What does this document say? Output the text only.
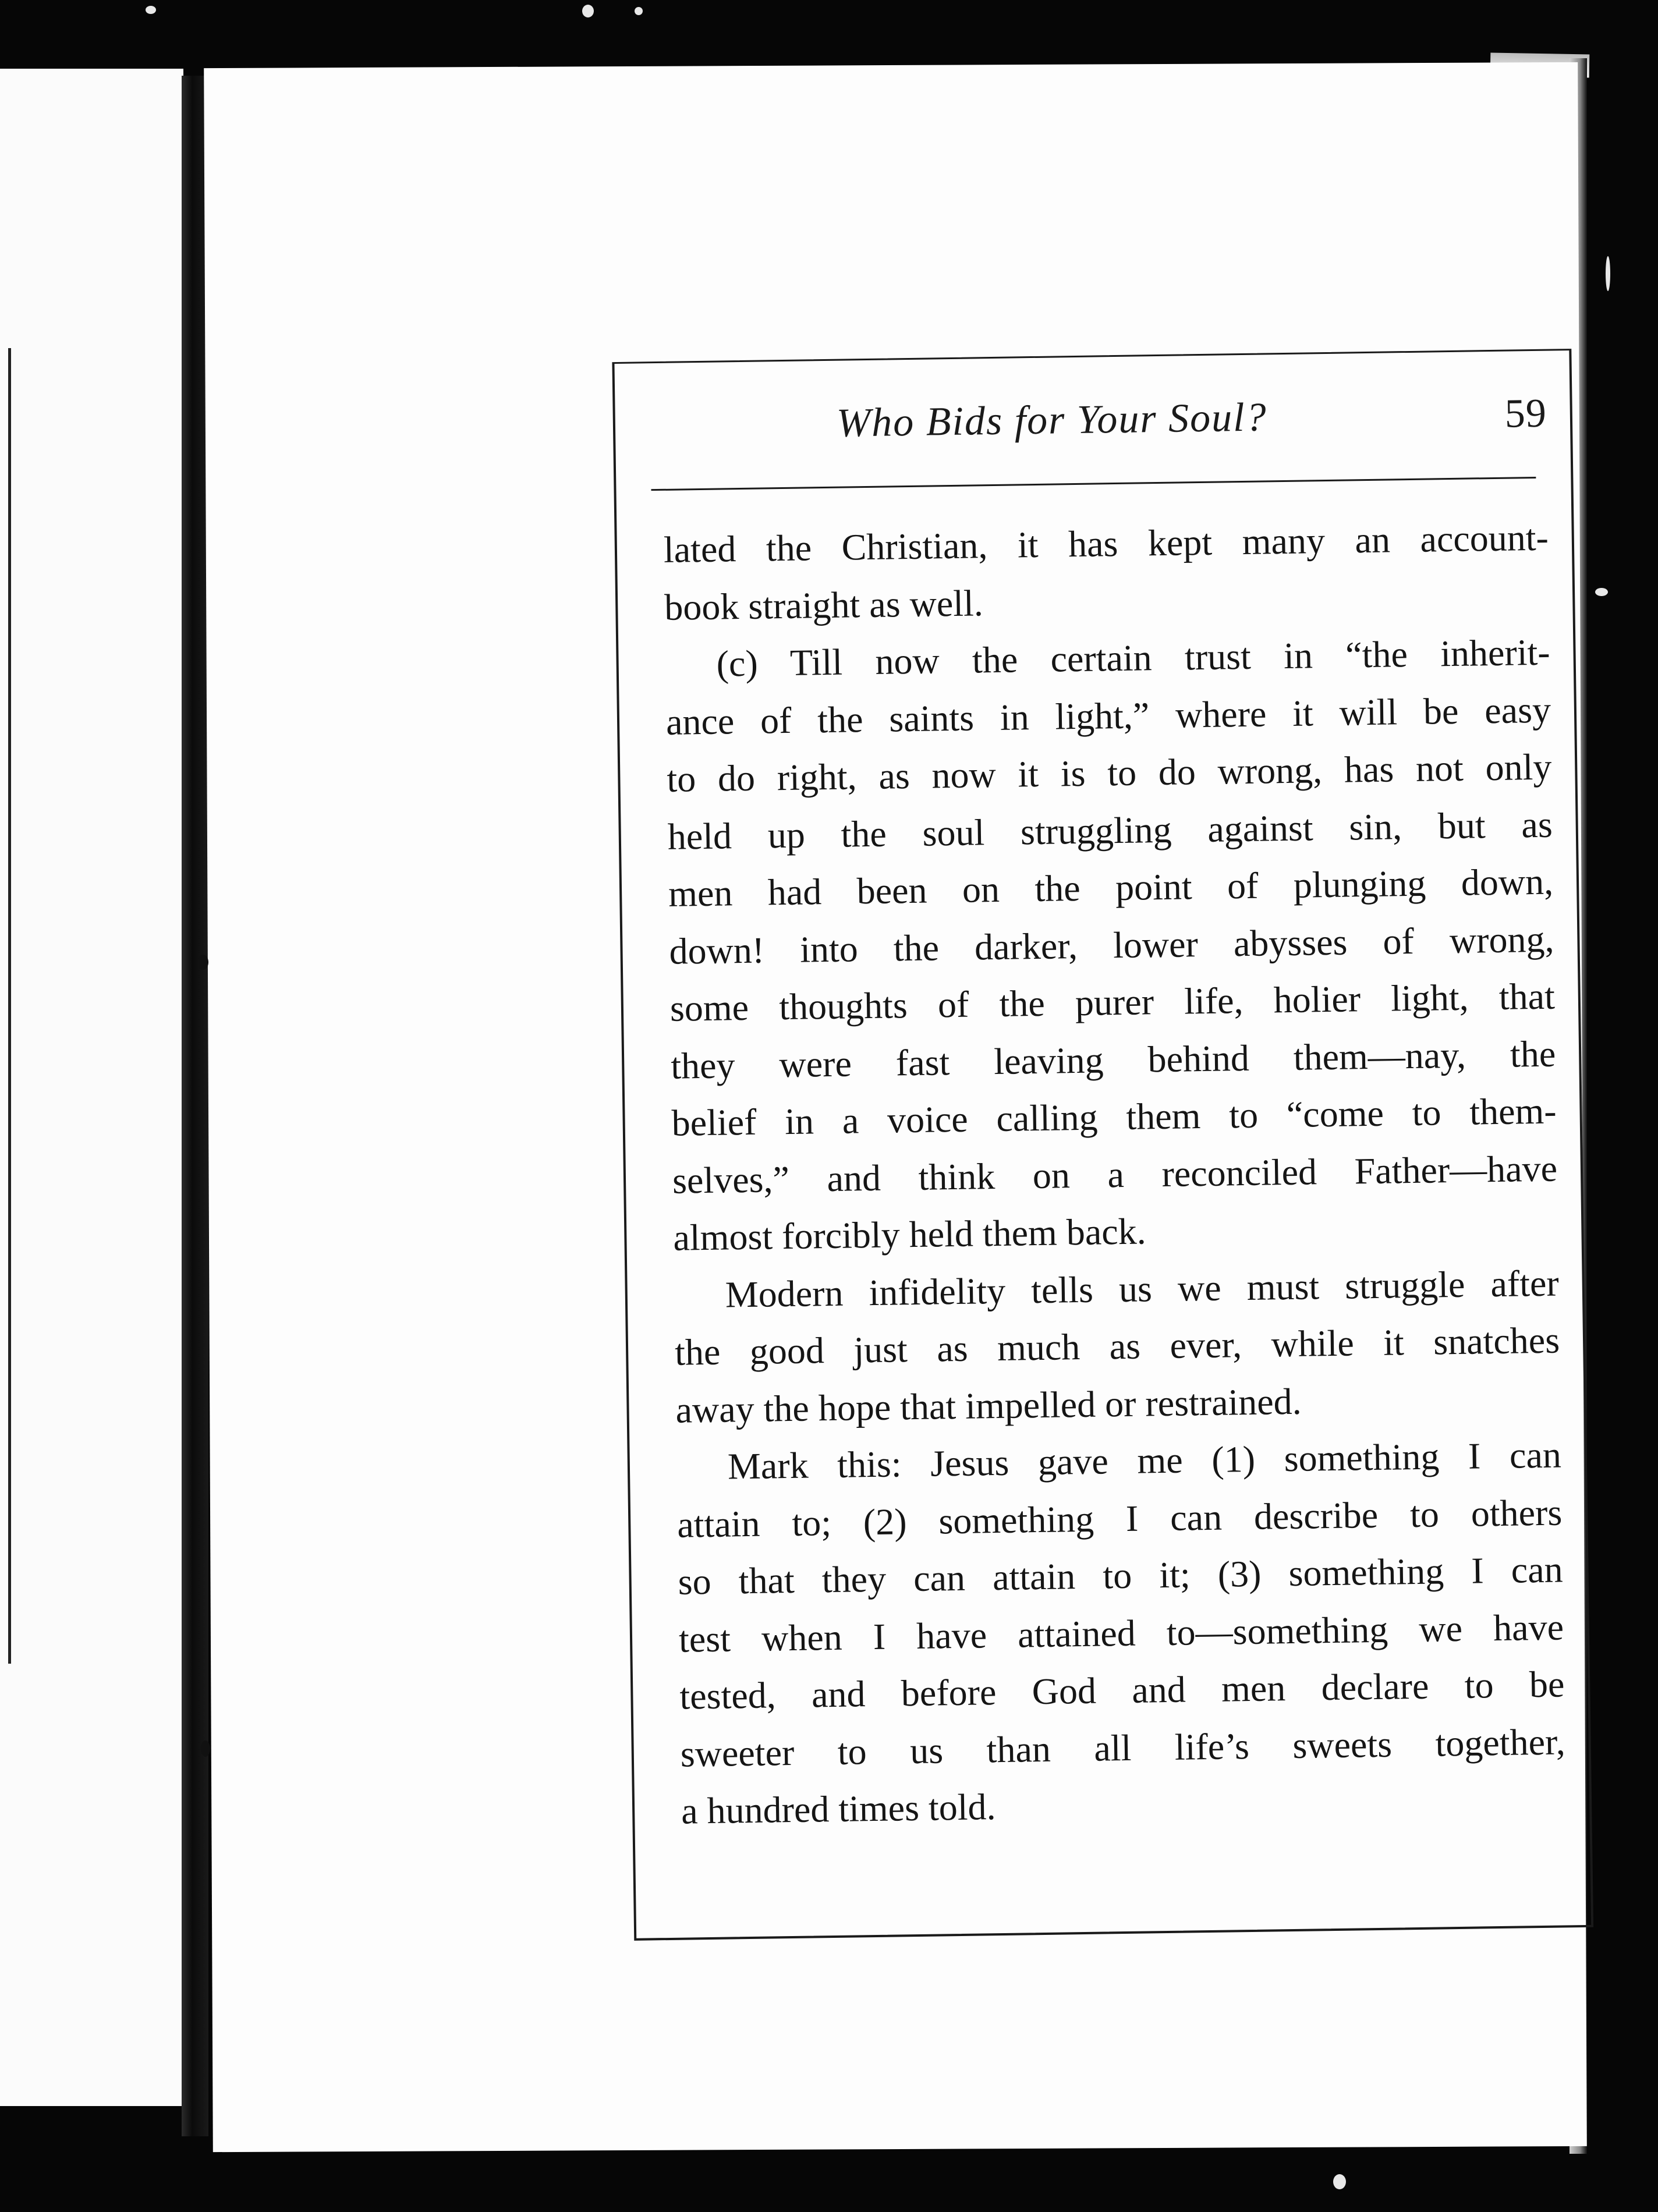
Who Bids for Your Soul?	59
lated the Christian, it has kept many an account-
book straight as well.
(c) Till now the certain trust in “the inherit-
ance of the saints in light,” where it will be easy
to do right, as now it is to do wrong, has not only
held up the soul struggling against sin, but as
men had been on the point of plunging down,
down! into the darker, lower abysses of wrong,
some thoughts of the purer life, holier light, that
they were fast leaving behind them—nay, the
belief in a voice calling them to “come to them-
selves,” and think on a reconciled Father—have
almost forcibly held them back.
Modern infidelity tells us we must struggle after
the good just as much as ever, while it snatches
away the hope that impelled or restrained.
Mark this: Jesus gave me (1) something I can
attain to; (2) something I can describe to others
so that they can attain to it; (3) something I can
test when I have attained to—something we have
tested, and before God and men declare to be
sweeter to us than all life’s sweets together,
a hundred times told.
